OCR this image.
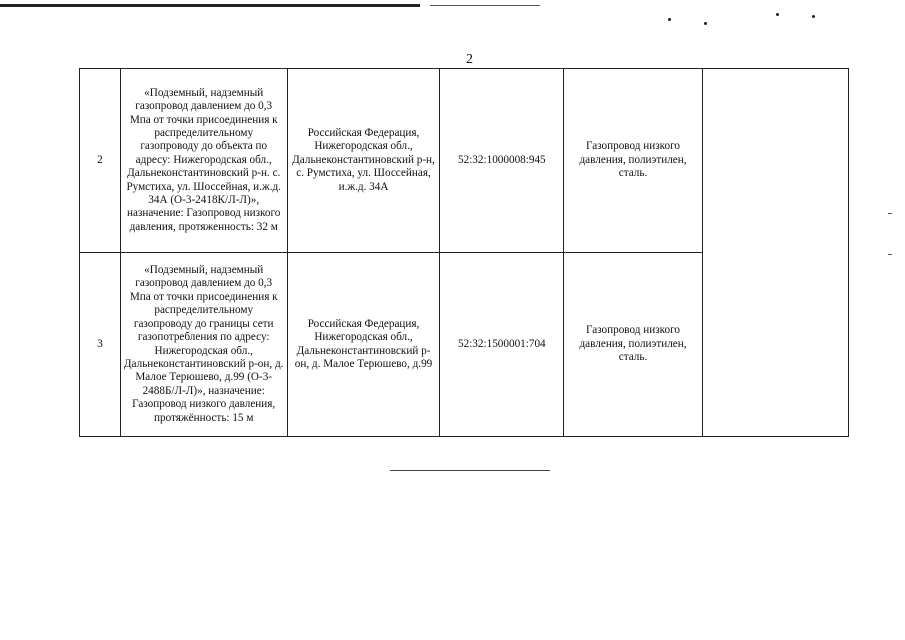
2
2	«Подземный, надземный газопровод давлением до 0,3 Мпа от точки присоединения к распределительному газопроводу до объекта по адресу: Нижегородская обл., Дальнеконстантиновский р-н. с. Румстиха, ул. Шоссейная, и.ж.д. 34А (О-3-2418К/Л-Л)», назначение: Газопровод низкого давления, протяженность: 32 м	Российская Федерация, Нижегородская обл., Дальнеконстантиновский р-н, с. Румстиха, ул. Шоссейная, и.ж.д. 34А	52:32:1000008:945	Газопровод низкого давления, полиэтилен, сталь.	
3	«Подземный, надземный газопровод давлением до 0,3 Мпа от точки присоединения к распределительному газопроводу до границы сети газопотребления по адресу: Нижегородская обл., Дальнеконстантиновский р-он, д. Малое Терюшево, д.99 (О-3-2488Б/Л-Л)», назначение: Газопровод низкого давления, протяжённость: 15 м	Российская Федерация, Нижегородская обл., Дальнеконстантиновский р-он, д. Малое Терюшево, д.99	52:32:1500001:704	Газопровод низкого давления, полиэтилен, сталь.	
